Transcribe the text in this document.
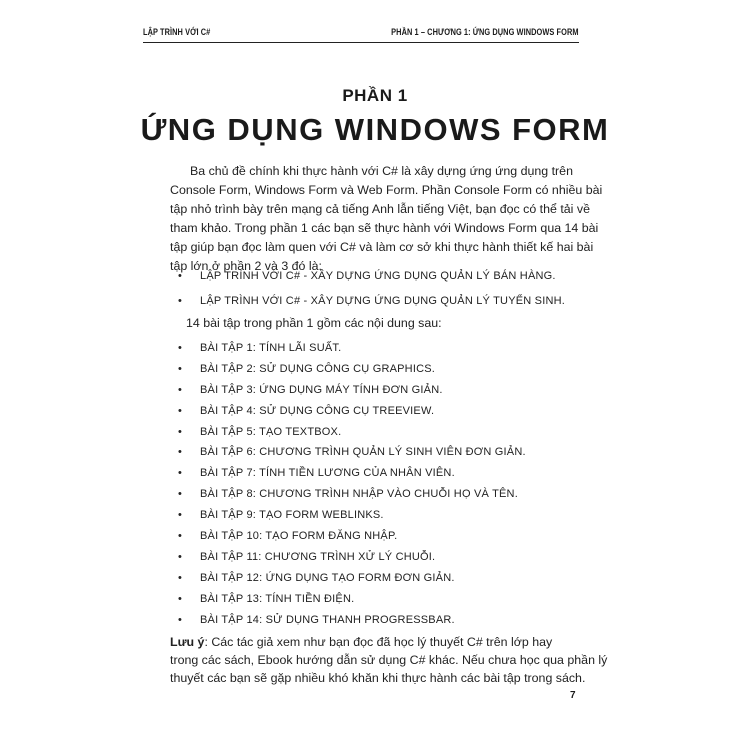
LẬP TRÌNH VỚI C#	PHẦN 1 – CHƯƠNG 1: ỨNG DỤNG WINDOWS FORM
PHẦN 1
ỨNG DỤNG WINDOWS FORM
Ba chủ đề chính khi thực hành với C# là xây dựng ứng ứng dụng trên
Console Form, Windows Form và Web Form. Phần Console Form có nhiều bài
tập nhỏ trình bày trên mạng cả tiếng Anh lẫn tiếng Việt, bạn đọc có thể tải về
tham khảo. Trong phần 1 các bạn sẽ thực hành với Windows Form qua 14 bài
tập giúp bạn đọc làm quen với C# và làm cơ sở khi thực hành thiết kế hai bài
tập lớn ở phần 2 và 3 đó là:
• LẬP TRÌNH VỚI C# - XÂY DỰNG ỨNG DỤNG QUẢN LÝ BÁN HÀNG.
• LẬP TRÌNH VỚI C# - XÂY DỰNG ỨNG DỤNG QUẢN LÝ TUYỂN SINH.
14 bài tập trong phần 1 gồm các nội dung sau:
• BÀI TẬP 1: TÍNH LÃI SUẤT.
• BÀI TẬP 2: SỬ DỤNG CÔNG CỤ GRAPHICS.
• BÀI TẬP 3: ỨNG DỤNG MÁY TÍNH ĐƠN GIẢN.
• BÀI TẬP 4: SỬ DỤNG CÔNG CỤ TREEVIEW.
• BÀI TẬP 5: TẠO TEXTBOX.
• BÀI TẬP 6: CHƯƠNG TRÌNH QUẢN LÝ SINH VIÊN ĐƠN GIẢN.
• BÀI TẬP 7: TÍNH TIỀN LƯƠNG CỦA NHÂN VIÊN.
• BÀI TẬP 8: CHƯƠNG TRÌNH NHẬP VÀO CHUỖI HỌ VÀ TÊN.
• BÀI TẬP 9: TẠO FORM WEBLINKS.
• BÀI TẬP 10: TẠO FORM ĐĂNG NHẬP.
• BÀI TẬP 11: CHƯƠNG TRÌNH XỬ LÝ CHUỖI.
• BÀI TẬP 12: ỨNG DỤNG TẠO FORM ĐƠN GIẢN.
• BÀI TẬP 13: TÍNH TIỀN ĐIỆN.
• BÀI TẬP 14: SỬ DỤNG THANH PROGRESSBAR.
Lưu ý: Các tác giả xem như bạn đọc đã học lý thuyết C# trên lớp hay
trong các sách, Ebook hướng dẫn sử dụng C# khác. Nếu chưa học qua phần lý
thuyết các bạn sẽ gặp nhiều khó khăn khi thực hành các bài tập trong sách.
7
